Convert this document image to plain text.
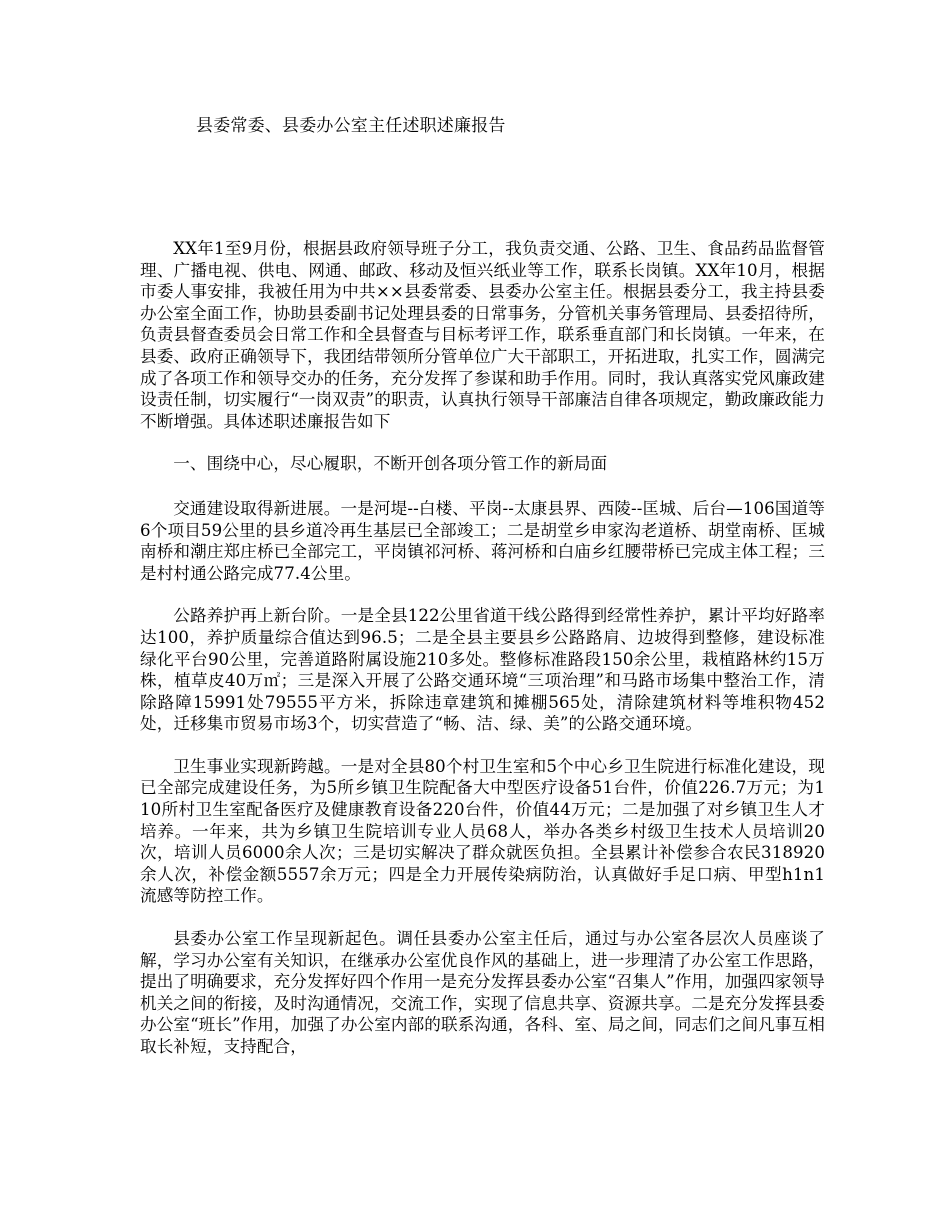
县委常委、县委办公室主任述职述廉报告

XX年1至9月份，根据县政府领导班子分工，我负责交通、公路、卫生、食品药品监督管理、广播电视、供电、网通、邮政、移动及恒兴纸业等工作，联系长岗镇。XX年10月，根据市委人事安排，我被任用为中共××县委常委、县委办公室主任。根据县委分工，我主持县委办公室全面工作，协助县委副书记处理县委的日常事务，分管机关事务管理局、县委招待所，负责县督查委员会日常工作和全县督查与目标考评工作，联系垂直部门和长岗镇。一年来，在县委、政府正确领导下，我团结带领所分管单位广大干部职工，开拓进取，扎实工作，圆满完成了各项工作和领导交办的任务，充分发挥了参谋和助手作用。同时，我认真落实党风廉政建设责任制，切实履行“一岗双责”的职责，认真执行领导干部廉洁自律各项规定，勤政廉政能力不断增强。具体述职述廉报告如下

一、围绕中心，尽心履职，不断开创各项分管工作的新局面

交通建设取得新进展。一是河堤--白楼、平岗--太康县界、西陵--匡城、后台—106国道等6个项目59公里的县乡道冷再生基层已全部竣工；二是胡堂乡申家沟老道桥、胡堂南桥、匡城南桥和潮庄郑庄桥已全部完工，平岗镇祁河桥、蒋河桥和白庙乡红腰带桥已完成主体工程；三是村村通公路完成77.4公里。

公路养护再上新台阶。一是全县122公里省道干线公路得到经常性养护，累计平均好路率达100，养护质量综合值达到96.5；二是全县主要县乡公路路肩、边坡得到整修，建设标准绿化平台90公里，完善道路附属设施210多处。整修标准路段150余公里，栽植路林约15万株，植草皮40万㎡；三是深入开展了公路交通环境“三项治理”和马路市场集中整治工作，清除路障15991处79555平方米，拆除违章建筑和摊棚565处，清除建筑材料等堆积物452处，迁移集市贸易市场3个，切实营造了“畅、洁、绿、美”的公路交通环境。

卫生事业实现新跨越。一是对全县80个村卫生室和5个中心乡卫生院进行标准化建设，现已全部完成建设任务，为5所乡镇卫生院配备大中型医疗设备51台件，价值226.7万元；为110所村卫生室配备医疗及健康教育设备220台件，价值44万元；二是加强了对乡镇卫生人才培养。一年来，共为乡镇卫生院培训专业人员68人，举办各类乡村级卫生技术人员培训20次，培训人员6000余人次；三是切实解决了群众就医负担。全县累计补偿参合农民318920余人次，补偿金额5557余万元；四是全力开展传染病防治，认真做好手足口病、甲型h1n1流感等防控工作。

县委办公室工作呈现新起色。调任县委办公室主任后，通过与办公室各层次人员座谈了解，学习办公室有关知识，在继承办公室优良作风的基础上，进一步理清了办公室工作思路，提出了明确要求，充分发挥好四个作用一是充分发挥县委办公室“召集人”作用，加强四家领导机关之间的衔接，及时沟通情况，交流工作，实现了信息共享、资源共享。二是充分发挥县委办公室“班长”作用，加强了办公室内部的联系沟通，各科、室、局之间，同志们之间凡事互相取长补短，支持配合，
